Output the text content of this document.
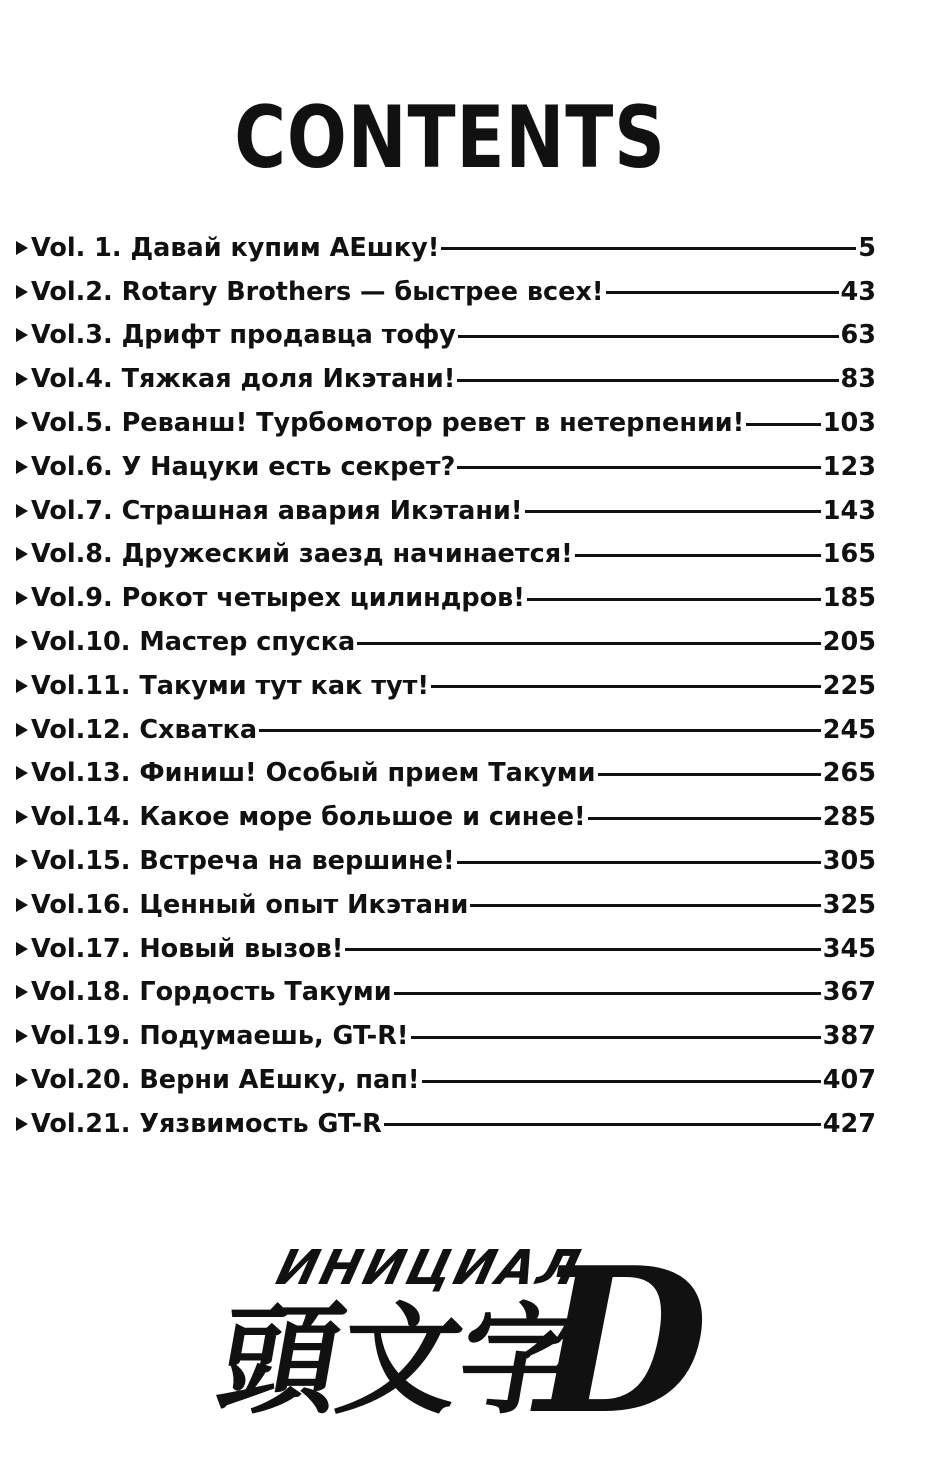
CONTENTS
Vol. 1. Давай купим АЕшку!	5
Vol.2. Rotary Brothers — быстрее всех!	43
Vol.3. Дрифт продавца тофу	63
Vol.4. Тяжкая доля Икэтани!	83
Vol.5. Реванш! Турбомотор ревет в нетерпении!	103
Vol.6. У Нацуки есть секрет?	123
Vol.7. Страшная авария Икэтани!	143
Vol.8. Дружеский заезд начинается!	165
Vol.9. Рокот четырех цилиндров!	185
Vol.10. Мастер спуска	205
Vol.11. Такуми тут как тут!	225
Vol.12. Схватка	245
Vol.13. Финиш! Особый прием Такуми	265
Vol.14. Какое море большое и синее!	285
Vol.15. Встреча на вершине!	305
Vol.16. Ценный опыт Икэтани	325
Vol.17. Новый вызов!	345
Vol.18. Гордость Такуми	367
Vol.19. Подумаешь, GT-R!	387
Vol.20. Верни АЕшку, пап!	407
Vol.21. Уязвимость GT-R	427
ИНИЦИАЛ
頭文字
D
